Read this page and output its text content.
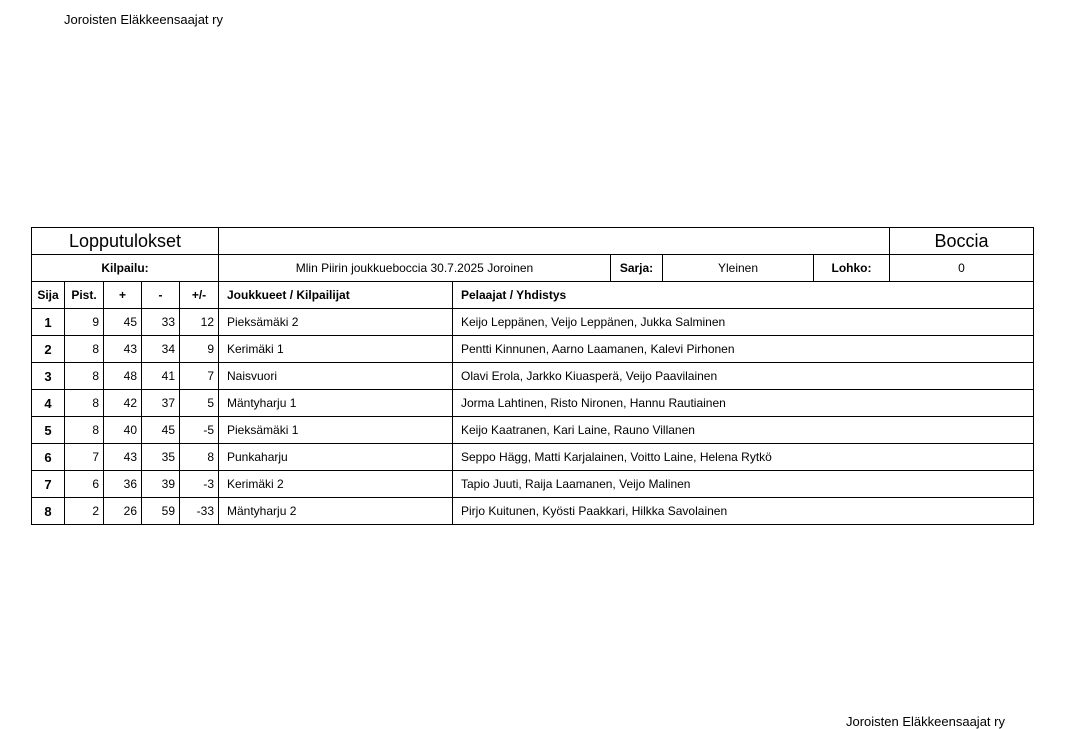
Joroisten Eläkkeensaajat ry
Lopputulokset										Boccia
Kilpailu:					Mlin Piirin joukkueboccia 30.7.2025 Joroinen		Sarja:	Yleinen	Lohko:	0
Sija	Pist.	+	-	+/-	Joukkueet / Kilpailijat	Pelaajat / Yhdistys				
1	9	45	33	12	Pieksämäki 2	Keijo Leppänen, Veijo Leppänen, Jukka Salminen				
2	8	43	34	9	Kerimäki 1	Pentti Kinnunen, Aarno Laamanen, Kalevi Pirhonen				
3	8	48	41	7	Naisvuori	Olavi Erola, Jarkko Kiuasperä, Veijo Paavilainen				
4	8	42	37	5	Mäntyharju 1	Jorma Lahtinen, Risto Nironen, Hannu Rautiainen				
5	8	40	45	-5	Pieksämäki 1	Keijo Kaatranen, Kari Laine, Rauno Villanen				
6	7	43	35	8	Punkaharju	Seppo Hägg, Matti Karjalainen, Voitto Laine, Helena Rytkö				
7	6	36	39	-3	Kerimäki 2	Tapio Juuti, Raija Laamanen, Veijo Malinen				
8	2	26	59	-33	Mäntyharju 2	Pirjo Kuitunen, Kyösti Paakkari, Hilkka Savolainen				
Joroisten Eläkkeensaajat ry
